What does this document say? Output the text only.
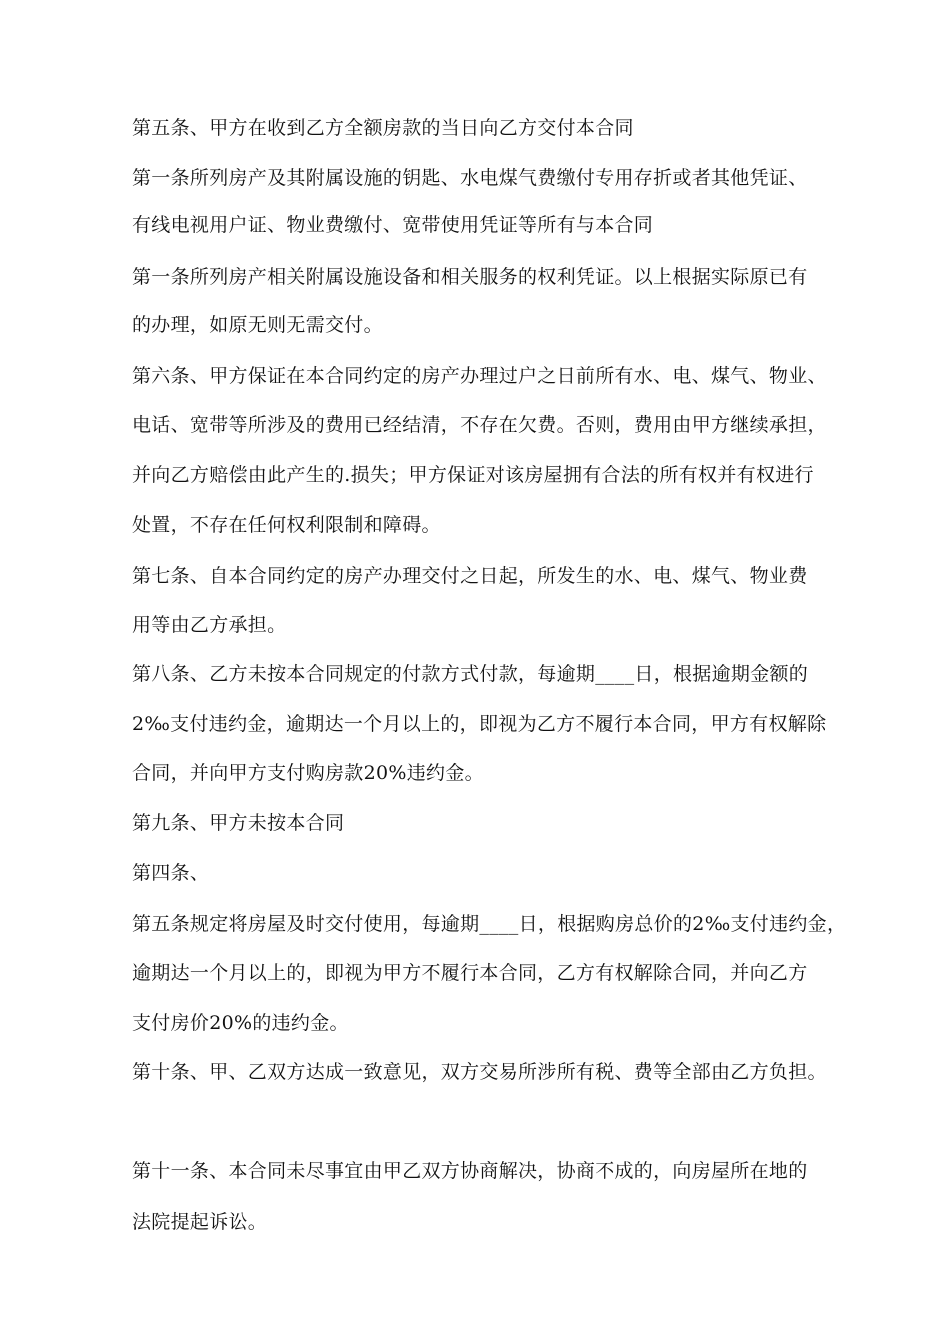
第五条、甲方在收到乙方全额房款的当日向乙方交付本合同
第一条所列房产及其附属设施的钥匙、水电煤气费缴付专用存折或者其他凭证、
有线电视用户证、物业费缴付、宽带使用凭证等所有与本合同
第一条所列房产相关附属设施设备和相关服务的权利凭证。以上根据实际原已有
的办理，如原无则无需交付。
第六条、甲方保证在本合同约定的房产办理过户之日前所有水、电、煤气、物业、
电话、宽带等所涉及的费用已经结清，不存在欠费。否则，费用由甲方继续承担，
并向乙方赔偿由此产生的.损失；甲方保证对该房屋拥有合法的所有权并有权进行
处置，不存在任何权利限制和障碍。
第七条、自本合同约定的房产办理交付之日起，所发生的水、电、煤气、物业费
用等由乙方承担。
第八条、乙方未按本合同规定的付款方式付款，每逾期____日，根据逾期金额的
2‰支付违约金，逾期达一个月以上的，即视为乙方不履行本合同，甲方有权解除
合同，并向甲方支付购房款20%违约金。
第九条、甲方未按本合同
第四条、
第五条规定将房屋及时交付使用，每逾期____日，根据购房总价的2‰支付违约金，
逾期达一个月以上的，即视为甲方不履行本合同，乙方有权解除合同，并向乙方
支付房价20%的违约金。
第十条、甲、乙双方达成一致意见，双方交易所涉所有税、费等全部由乙方负担。
第十一条、本合同未尽事宜由甲乙双方协商解决，协商不成的，向房屋所在地的
法院提起诉讼。
